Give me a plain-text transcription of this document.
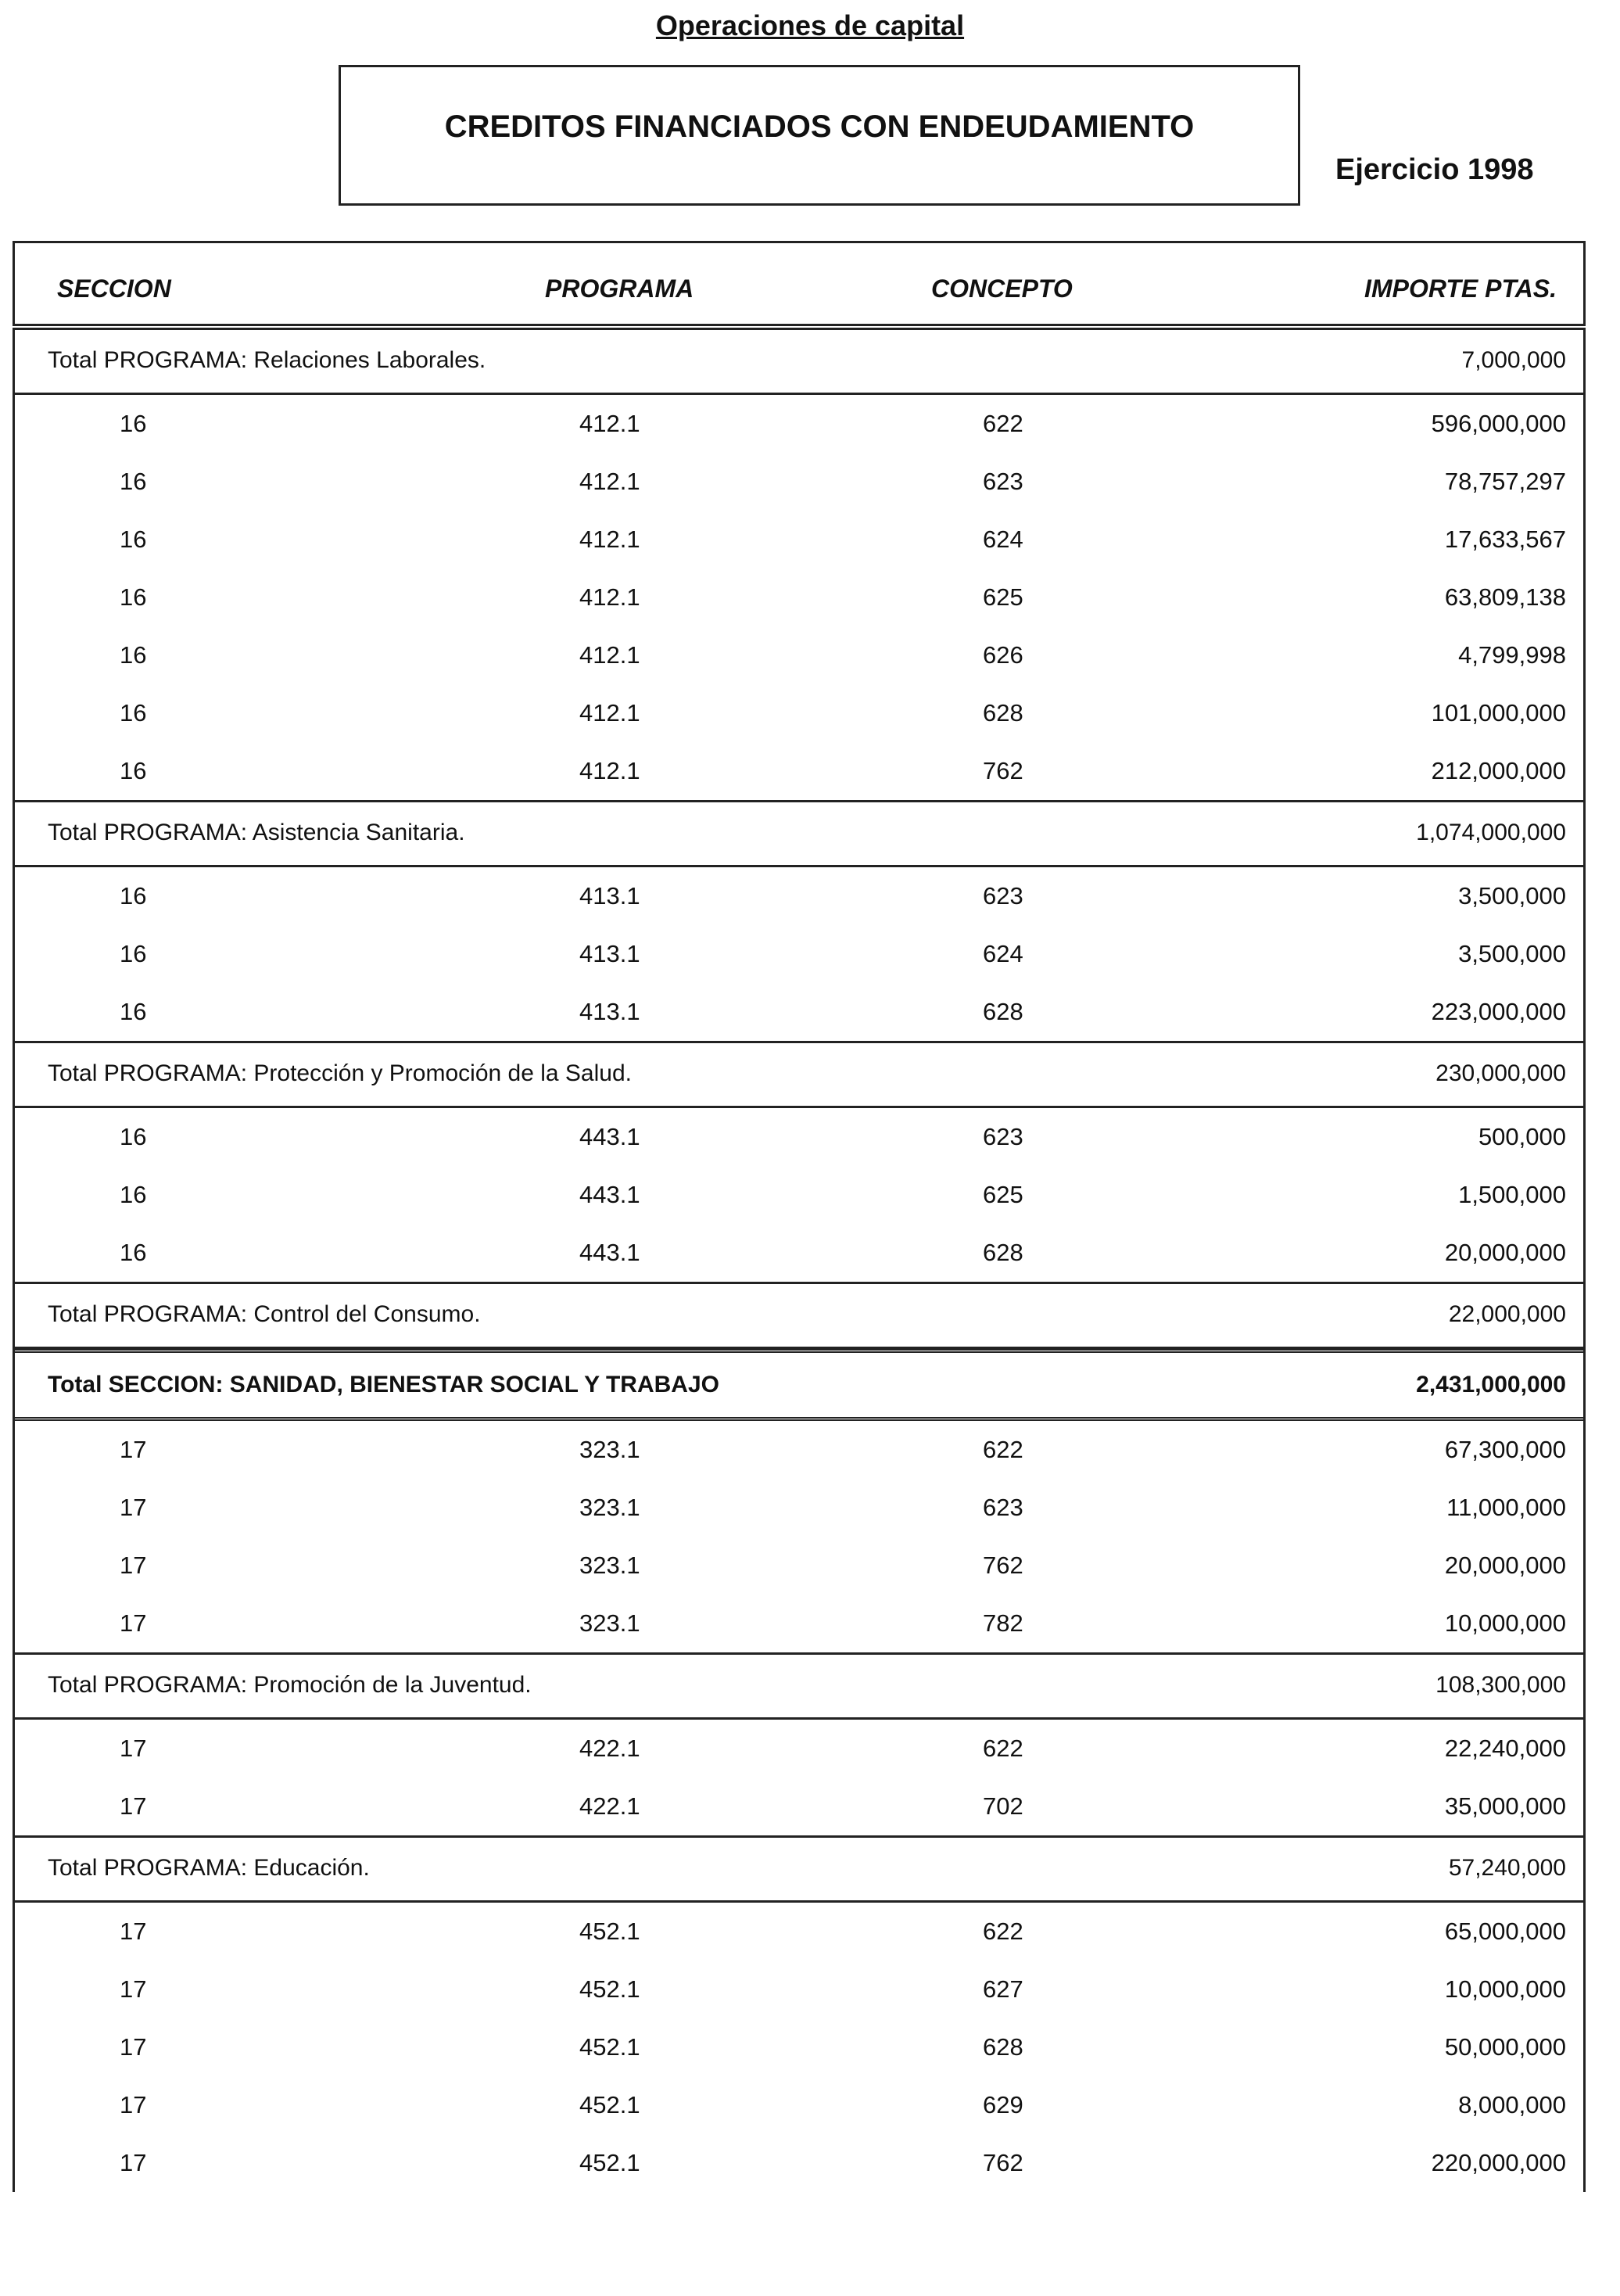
Operaciones de capital
CREDITOS FINANCIADOS CON ENDEUDAMIENTO
Ejercicio 1998
SECCION	PROGRAMA	CONCEPTO	IMPORTE PTAS.
Total PROGRAMA: Relaciones Laborales.	7,000,000
16	412.1	622	596,000,000
16	412.1	623	78,757,297
16	412.1	624	17,633,567
16	412.1	625	63,809,138
16	412.1	626	4,799,998
16	412.1	628	101,000,000
16	412.1	762	212,000,000
Total PROGRAMA: Asistencia Sanitaria.	1,074,000,000
16	413.1	623	3,500,000
16	413.1	624	3,500,000
16	413.1	628	223,000,000
Total PROGRAMA: Protección y Promoción de la Salud.	230,000,000
16	443.1	623	500,000
16	443.1	625	1,500,000
16	443.1	628	20,000,000
Total PROGRAMA: Control del Consumo.	22,000,000
Total SECCION: SANIDAD, BIENESTAR SOCIAL Y TRABAJO	2,431,000,000
17	323.1	622	67,300,000
17	323.1	623	11,000,000
17	323.1	762	20,000,000
17	323.1	782	10,000,000
Total PROGRAMA: Promoción de la Juventud.	108,300,000
17	422.1	622	22,240,000
17	422.1	702	35,000,000
Total PROGRAMA: Educación.	57,240,000
17	452.1	622	65,000,000
17	452.1	627	10,000,000
17	452.1	628	50,000,000
17	452.1	629	8,000,000
17	452.1	762	220,000,000
